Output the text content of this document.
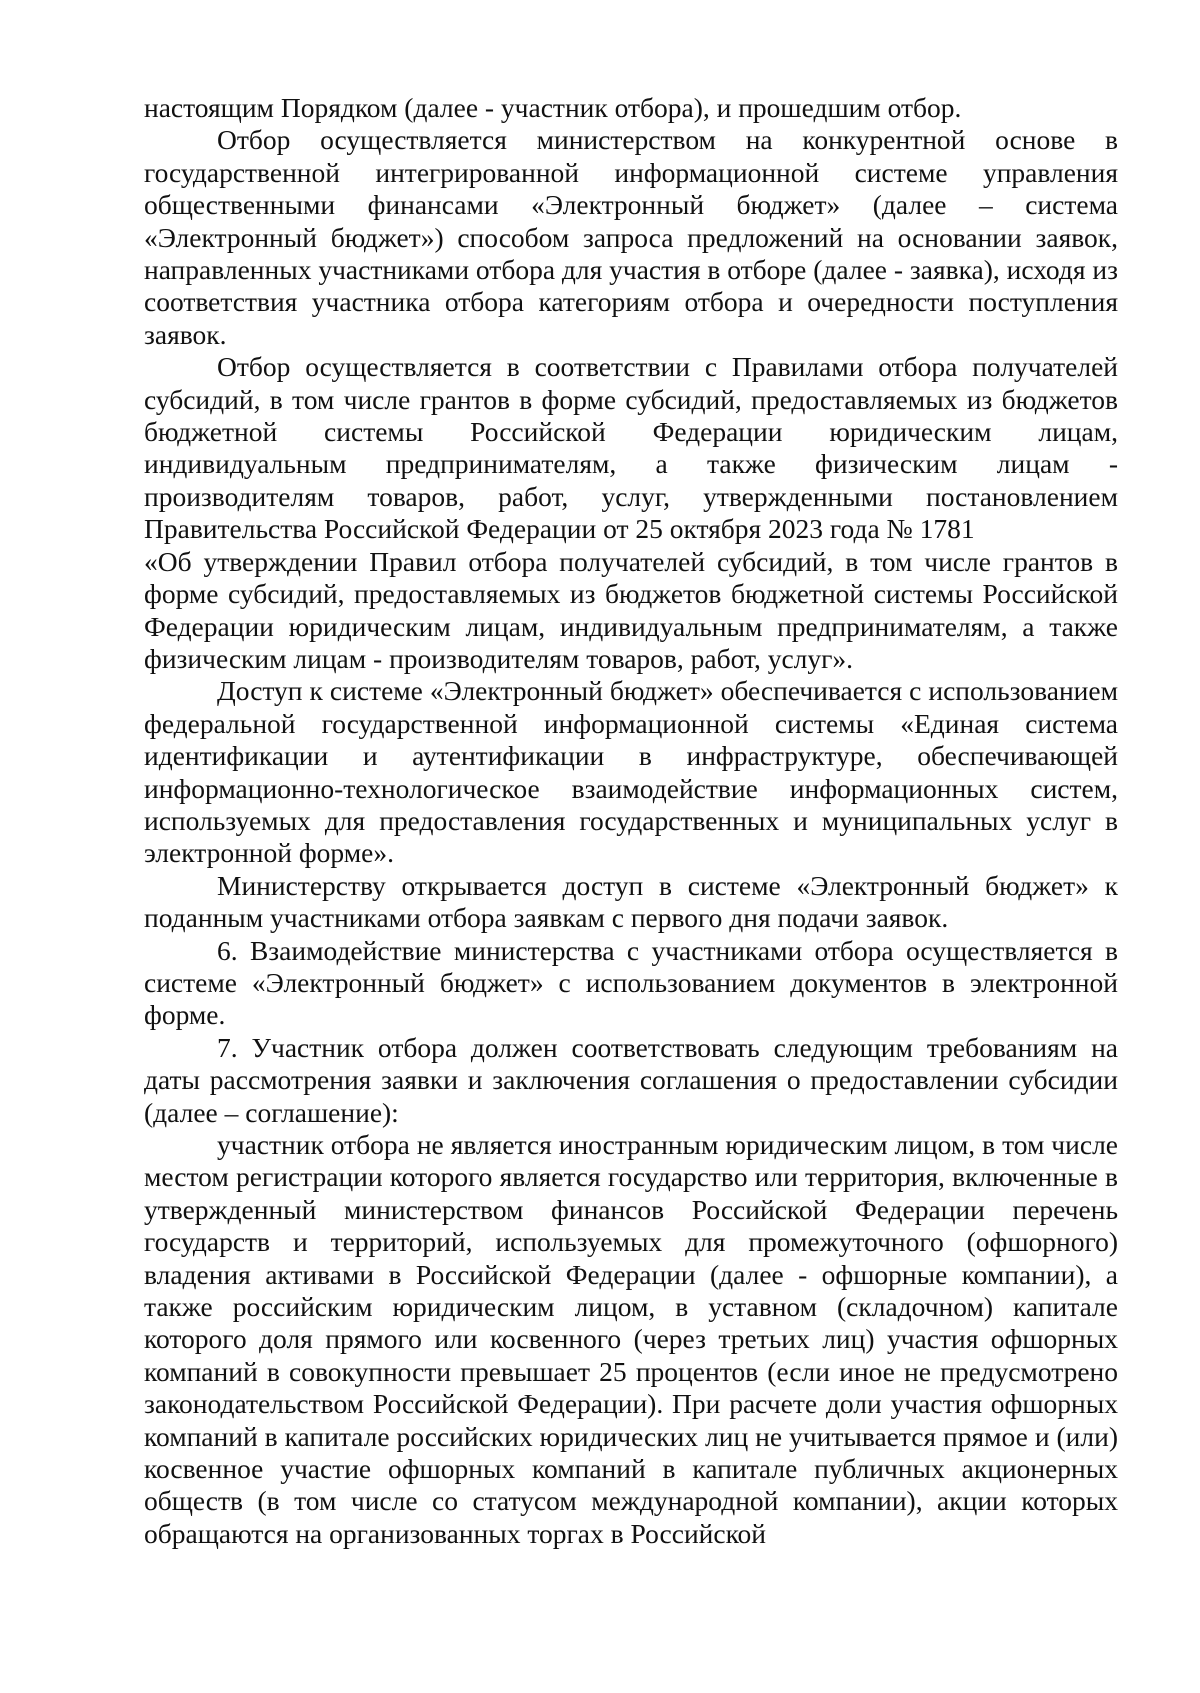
настоящим Порядком (далее - участник отбора), и прошедшим отбор.

Отбор осуществляется министерством на конкурентной основе в государственной интегрированной информационной системе управления общественными финансами «Электронный бюджет» (далее – система «Электронный бюджет») способом запроса предложений на основании заявок, направленных участниками отбора для участия в отборе (далее - заявка), исходя из соответствия участника отбора категориям отбора и очередности поступления заявок.

Отбор осуществляется в соответствии с Правилами отбора получателей субсидий, в том числе грантов в форме субсидий, предоставляемых из бюджетов бюджетной системы Российской Федерации юридическим лицам, индивидуальным предпринимателям, а также физическим лицам - производителям товаров, работ, услуг, утвержденными постановлением Правительства Российской Федерации от 25 октября 2023 года № 1781

«Об утверждении Правил отбора получателей субсидий, в том числе грантов в форме субсидий, предоставляемых из бюджетов бюджетной системы Российской Федерации юридическим лицам, индивидуальным предпринимателям, а также физическим лицам - производителям товаров, работ, услуг».

Доступ к системе «Электронный бюджет» обеспечивается с использованием федеральной государственной информационной системы «Единая система идентификации и аутентификации в инфраструктуре, обеспечивающей информационно-технологическое взаимодействие информационных систем, используемых для предоставления государственных и муниципальных услуг в электронной форме».

Министерству открывается доступ в системе «Электронный бюджет» к поданным участниками отбора заявкам с первого дня подачи заявок.

6. Взаимодействие министерства с участниками отбора осуществляется в системе «Электронный бюджет» с использованием документов в электронной форме.

7. Участник отбора должен соответствовать следующим требованиям на даты рассмотрения заявки и заключения соглашения о предоставлении субсидии (далее – соглашение):

участник отбора не является иностранным юридическим лицом, в том числе местом регистрации которого является государство или территория, включенные в утвержденный министерством финансов Российской Федерации перечень государств и территорий, используемых для промежуточного (офшорного) владения активами в Российской Федерации (далее - офшорные компании), а также российским юридическим лицом, в уставном (складочном) капитале которого доля прямого или косвенного (через третьих лиц) участия офшорных компаний в совокупности превышает 25 процентов (если иное не предусмотрено законодательством Российской Федерации). При расчете доли участия офшорных компаний в капитале российских юридических лиц не учитывается прямое и (или) косвенное участие офшорных компаний в капитале публичных акционерных обществ (в том числе со статусом международной компании), акции которых обращаются на организованных торгах в Российской
